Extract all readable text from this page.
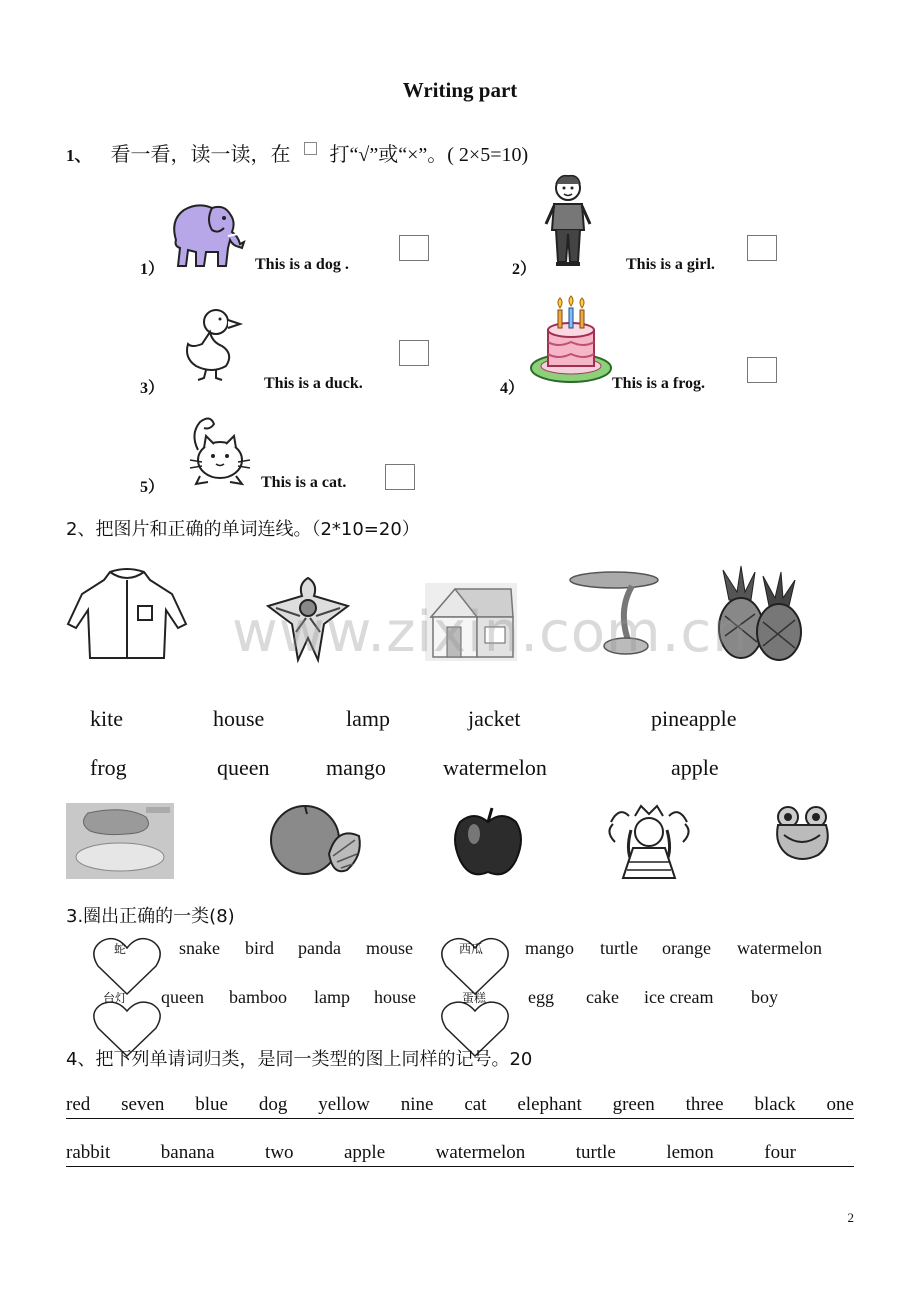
Writing part
1、 看一看，读一读，在 打“√”或“×”。( 2×5=10)
1）	This is a dog .	2）	This is a girl.
3）	This is a duck.	4）	This is a frog.
5）	This is a cat.
2、把图片和正确的单词连线。（2*10=20）
www.zixin.com.cn
kite	house	lamp	jacket	pineapple
frog	queen	mango	watermelon	apple
3.圈出正确的一类(8)
蛇	snake bird panda mouse	西瓜 mango turtle orange watermelon
台灯 queen bamboo lamp house	蛋糕 egg cake ice cream boy
4、把下列单请词归类，是同一类型的图上同样的记号。20
red seven blue dog yellow nine cat elephant green three black one
rabbit	banana	two	apple	watermelon	turtle	lemon	four
2
